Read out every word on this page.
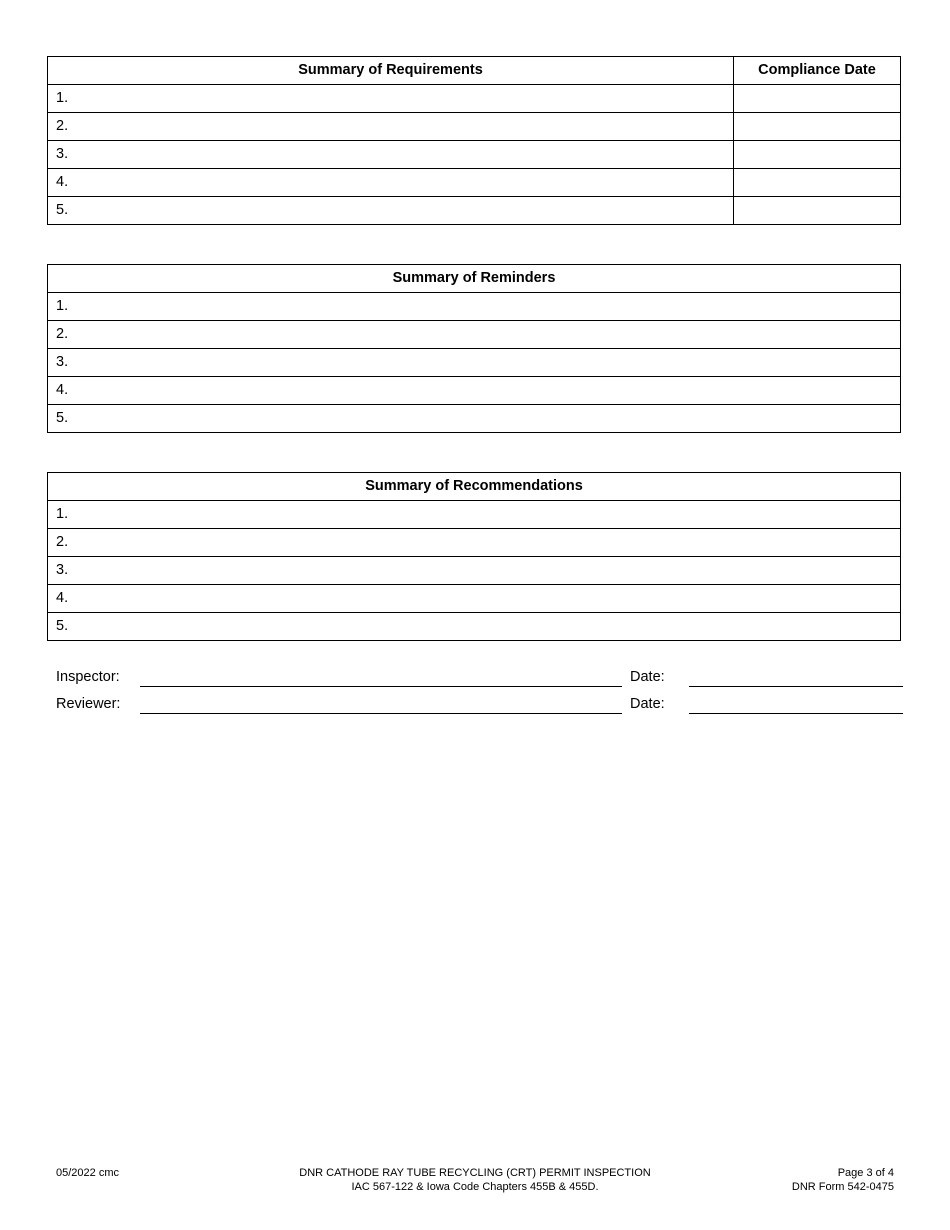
Summary of Requirements	Compliance Date
1.	
2.	
3.	
4.	
5.	
Summary of Reminders
1.
2.
3.
4.
5.
Summary of Recommendations
1.
2.
3.
4.
5.
Inspector:	Date:
Reviewer:	Date:
05/2022 cmc	DNR CATHODE RAY TUBE RECYCLING (CRT) PERMIT INSPECTION
IAC 567-122 & Iowa Code Chapters 455B & 455D.
Page 3 of 4
DNR Form 542-0475
